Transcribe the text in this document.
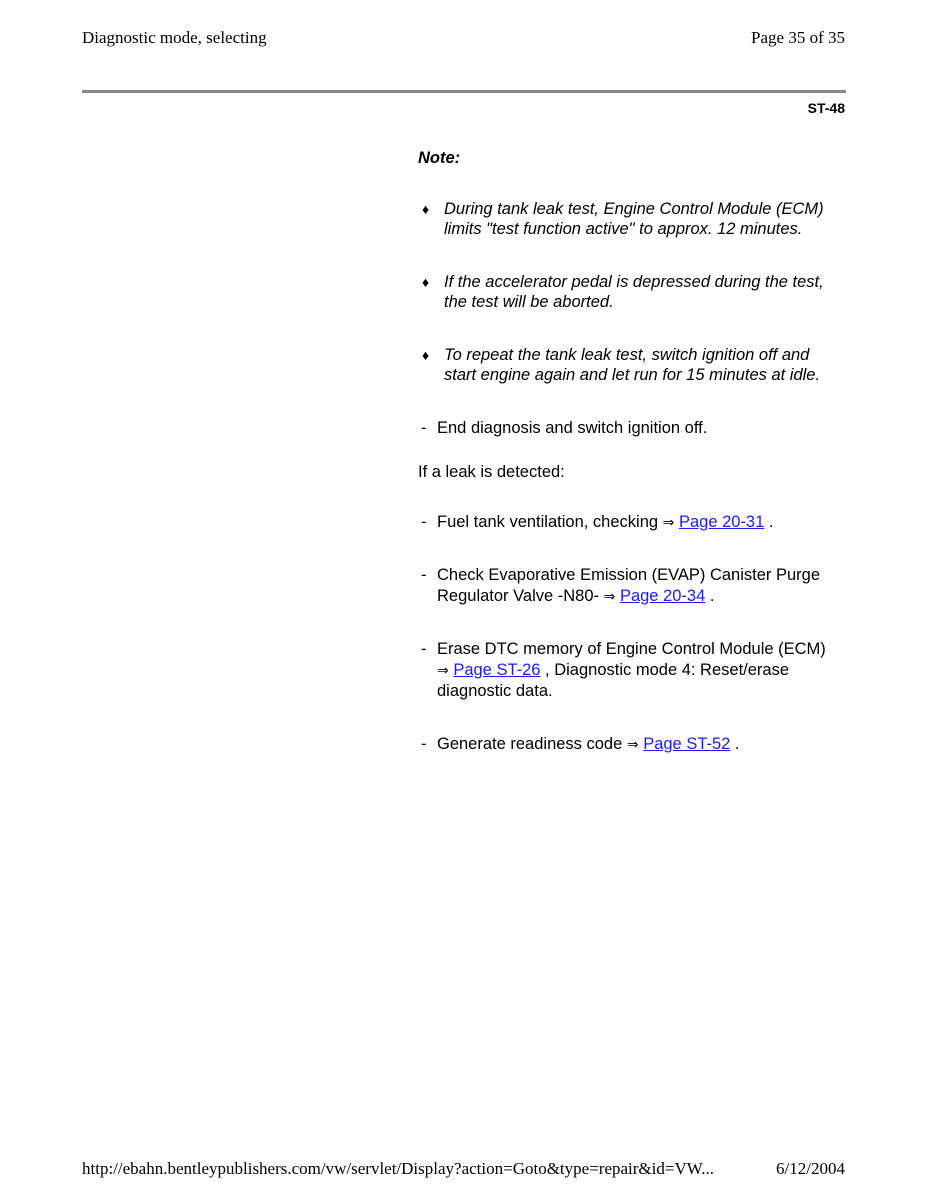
Diagnostic mode, selecting	Page 35 of 35
ST-48
Note:
♦ During tank leak test, Engine Control Module (ECM) limits "test function active" to approx. 12 minutes.
♦ If the accelerator pedal is depressed during the test, the test will be aborted.
♦ To repeat the tank leak test, switch ignition off and start engine again and let run for 15 minutes at idle.
- End diagnosis and switch ignition off.
If a leak is detected:
- Fuel tank ventilation, checking ⇒ Page 20-31 .
- Check Evaporative Emission (EVAP) Canister Purge Regulator Valve -N80- ⇒ Page 20-34 .
- Erase DTC memory of Engine Control Module (ECM) ⇒ Page ST-26 , Diagnostic mode 4: Reset/erase diagnostic data.
- Generate readiness code ⇒ Page ST-52 .
http://ebahn.bentleypublishers.com/vw/servlet/Display?action=Goto&type=repair&id=VW...	6/12/2004
